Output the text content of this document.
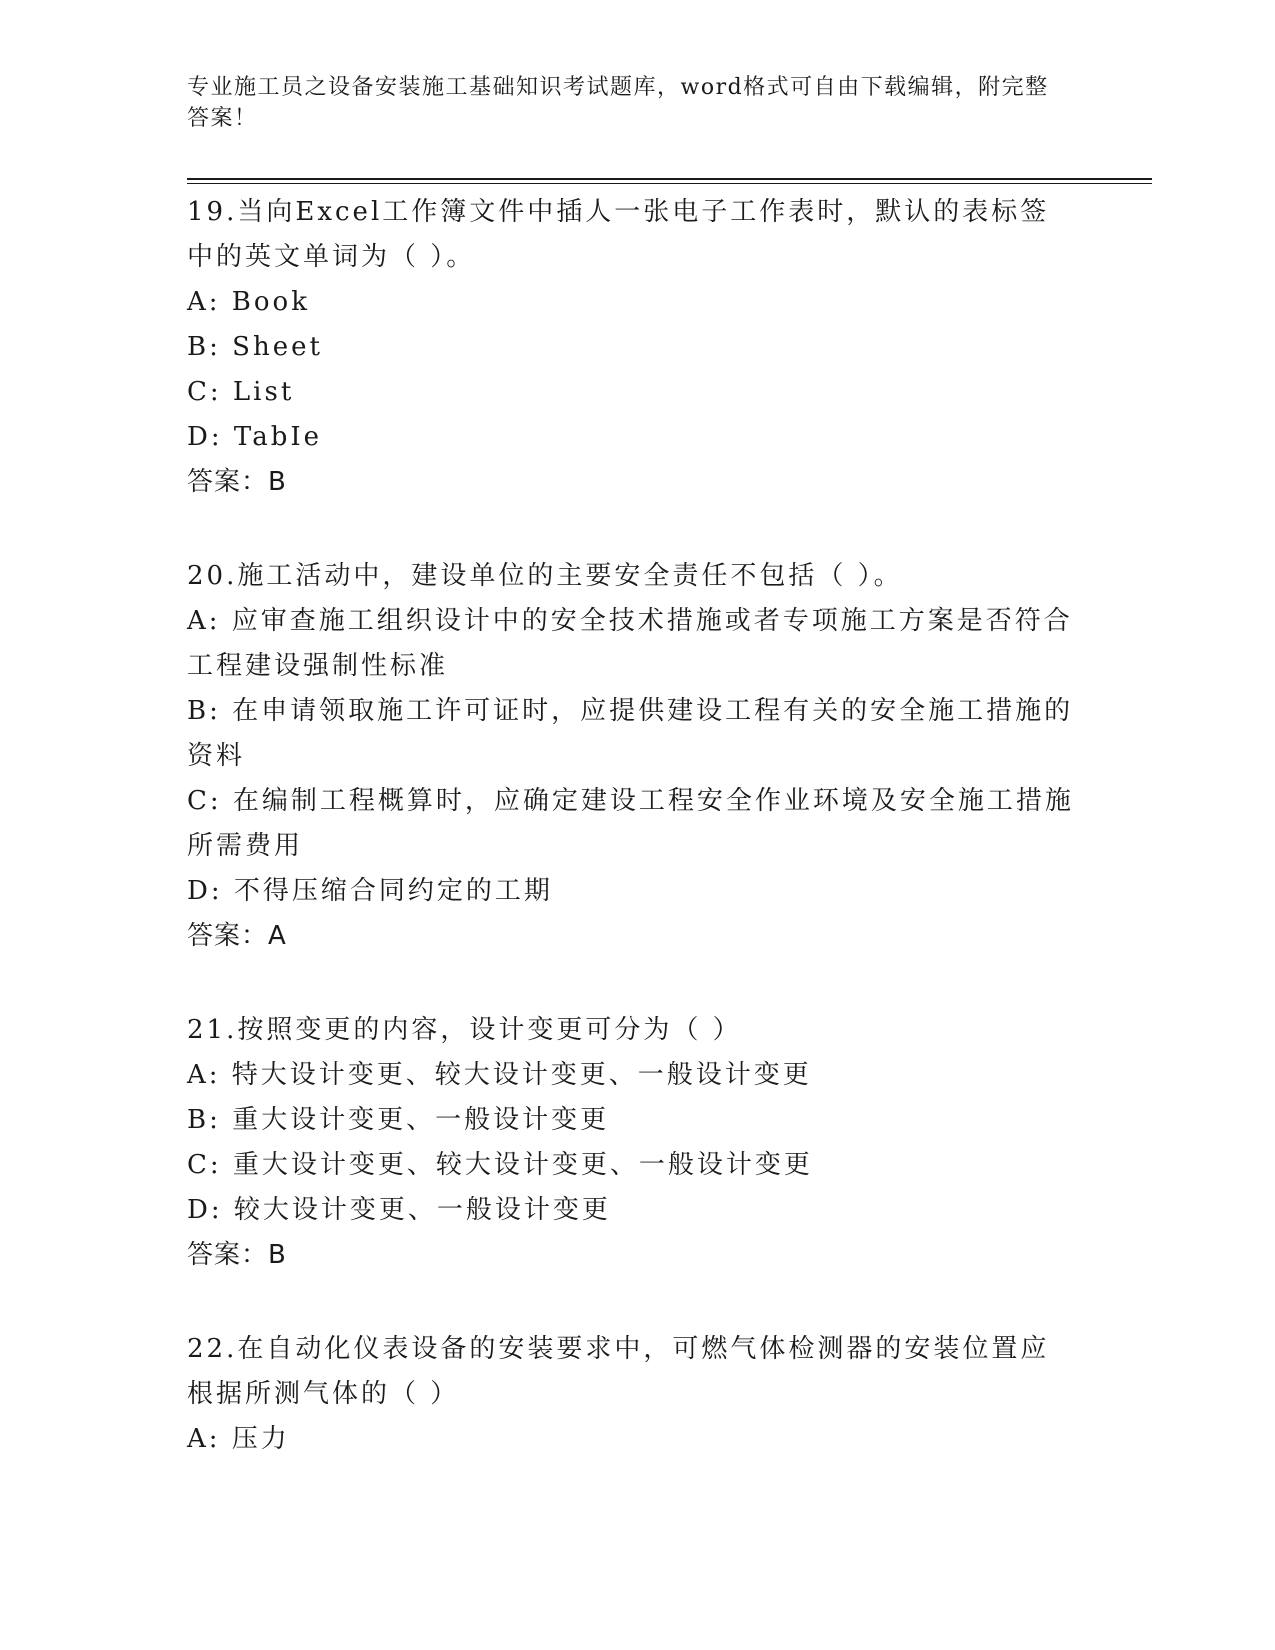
专业施工员之设备安装施工基础知识考试题库，word格式可自由下载编辑，附完整答案！
19.当向Excel工作簿文件中插人一张电子工作表时，默认的表标签中的英文单词为（ ）。
A: Book
B: Sheet
C: List
D: TabIe
答案：B
20.施工活动中，建设单位的主要安全责任不包括（ ）。
A: 应审查施工组织设计中的安全技术措施或者专项施工方案是否符合工程建设强制性标准
B: 在申请领取施工许可证时，应提供建设工程有关的安全施工措施的资料
C: 在编制工程概算时，应确定建设工程安全作业环境及安全施工措施所需费用
D: 不得压缩合同约定的工期
答案：A
21.按照变更的内容，设计变更可分为（ ）
A: 特大设计变更、较大设计变更、一般设计变更
B: 重大设计变更、一般设计变更
C: 重大设计变更、较大设计变更、一般设计变更
D: 较大设计变更、一般设计变更
答案：B
22.在自动化仪表设备的安装要求中，可燃气体检测器的安装位置应根据所测气体的（ ）
A: 压力
